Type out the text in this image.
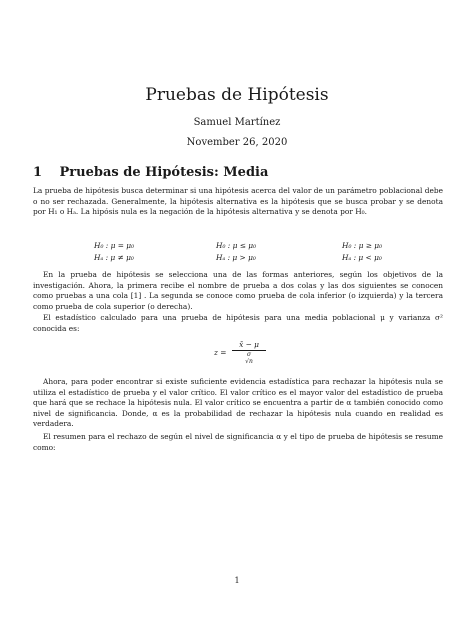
Pruebas de Hipótesis
Samuel Martínez
November 26, 2020
1 Pruebas de Hipótesis: Media
La prueba de hipótesis busca determinar si una hipótesis acerca del valor de un parámetro poblacional debe o no ser rechazada. Generalmente, la hipótesis alternativa es la hipótesis que se busca probar y se denota por H₁ o Hₐ. La hipósis nula es la negación de la hipótesis alternativa y se denota por H₀.
H₀ : μ = μ₀
Hₐ : μ ≠ μ₀
H₀ : μ ≤ μ₀
Hₐ : μ > μ₀
H₀ : μ ≥ μ₀
Hₐ : μ < μ₀
En la prueba de hipótesis se selecciona una de las formas anteriores, según los objetivos de la investigación. Ahora, la primera recibe el nombre de prueba a dos colas y las dos siguientes se conocen como pruebas a una cola [1] . La segunda se conoce como prueba de cola inferior (o izquierda) y la tercera como prueba de cola superior (o derecha).
El estadístico calculado para una prueba de hipótesis para una media poblacional μ y varianza σ² conocida es:
z =
x̄ − μ
σ
√n
Ahora, para poder encontrar si existe suficiente evidencia estadística para rechazar la hipótesis nula se utiliza el estadístico de prueba y el valor crítico. El valor crítico es el mayor valor del estadístico de prueba que hará que se rechace la hipótesis nula. El valor crítico se encuentra a partir de α también conocido como nivel de significancia. Donde, α es la probabilidad de rechazar la hipótesis nula cuando en realidad es verdadera.
El resumen para el rechazo de según el nivel de significancia α y el tipo de prueba de hipótesis se resume como:
1
